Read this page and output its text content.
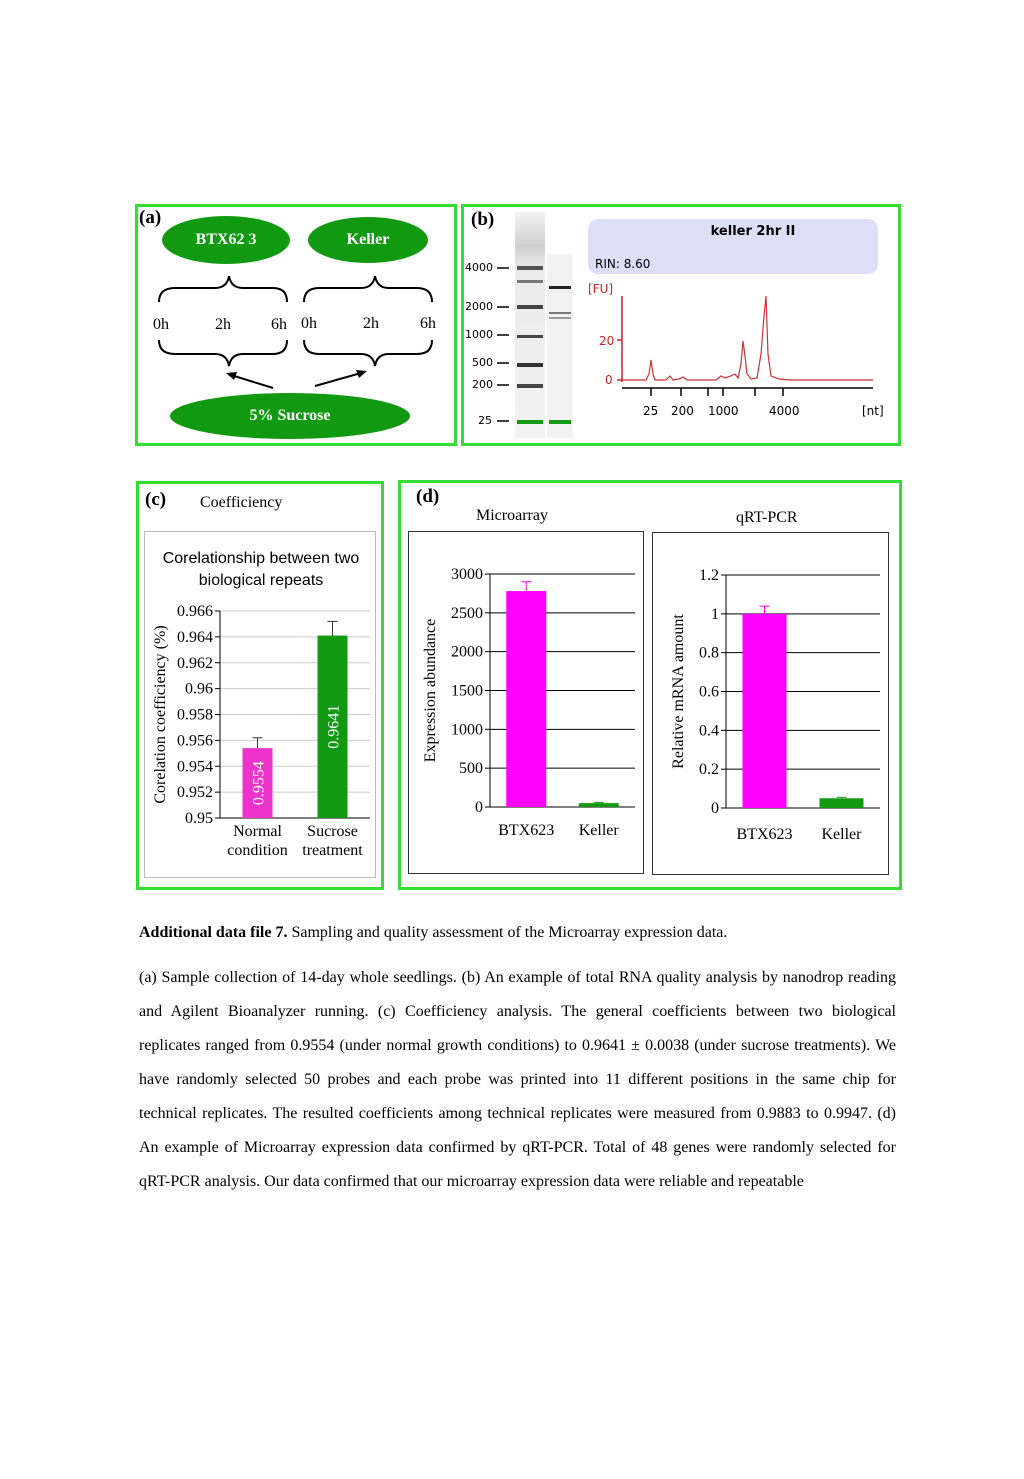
(a)
BTX62 3	Keller
0h	2h	6h 0h	2h	6h
5% Sucrose
(b)
4000
2000
1000
500
200
25
keller 2hr II
RIN: 8.60
[FU]
20
0
25 200 1000	4000	[nt]
(c) Coefficiency
Corelationship between two biological repeats
0.95
0.952
0.954
0.956
0.958
0.96
0.962
0.964
0.966
0.9554
Normal
condition
0.9641
Sucrose
treatment
Corelation coefficiency (%)
(d)
Microarray	qRT-PCR
0
500
1000
1500
2000
2500
3000
BTX623 Keller
Expression abundance
0
0.2
0.4
0.6
0.8
1
1.2
BTX623 Keller
Relative mRNA amount
Additional data file 7. Sampling and quality assessment of the Microarray expression data.
(a) Sample collection of 14-day whole seedlings. (b) An example of total RNA quality analysis by nanodrop reading and Agilent Bioanalyzer running. (c) Coefficiency analysis. The general coefficients between two biological replicates ranged from 0.9554 (under normal growth conditions) to 0.9641 ± 0.0038 (under sucrose treatments). We have randomly selected 50 probes and each probe was printed into 11 different positions in the same chip for technical replicates. The resulted coefficients among technical replicates were measured from 0.9883 to 0.9947. (d) An example of Microarray expression data confirmed by qRT-PCR. Total of 48 genes were randomly selected for qRT-PCR analysis. Our data confirmed that our microarray expression data were reliable and repeatable
